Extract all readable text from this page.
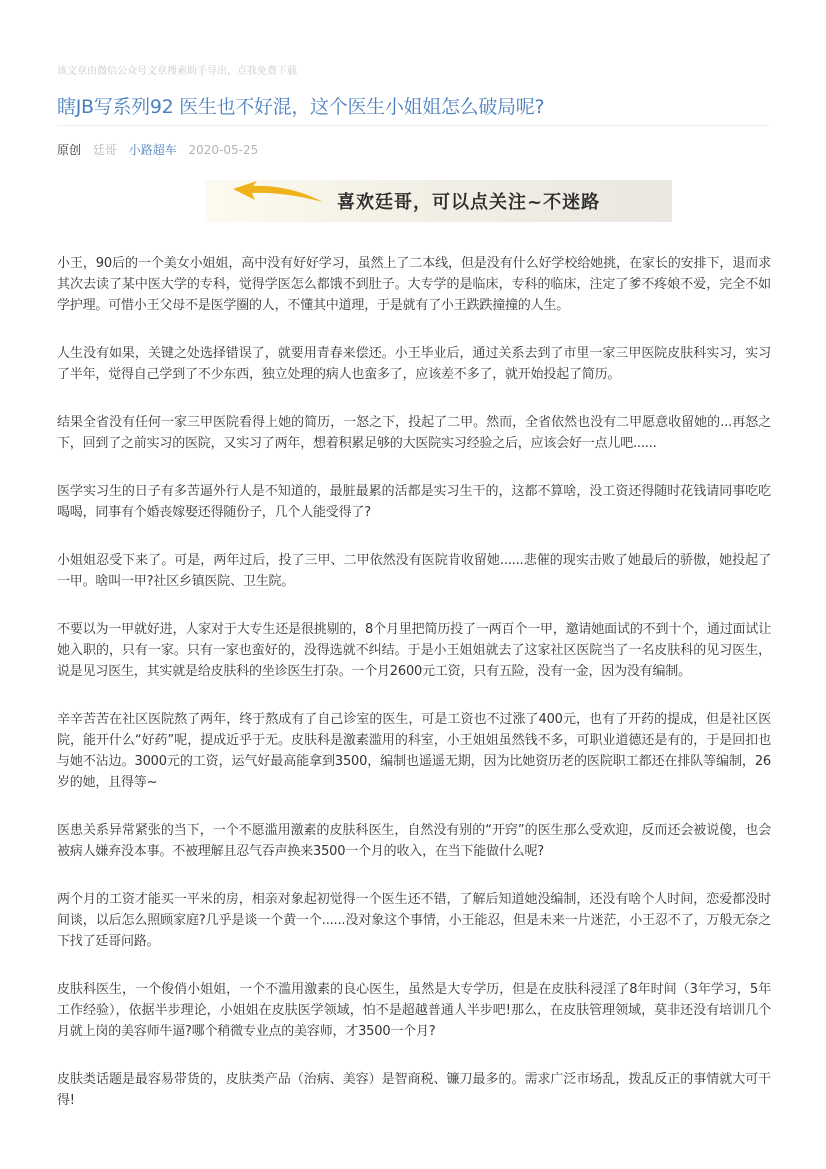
该文章由微信公众号文章搜索助手导出，点我免费下载
瞎JB写系列92 医生也不好混，这个医生小姐姐怎么破局呢?
原创 廷哥 小路超车 2020-05-25
喜欢廷哥，可以点关注~不迷路

小王，90后的一个美女小姐姐，高中没有好好学习，虽然上了二本线，但是没有什么好学校给她挑，在家长的安排下，退而求其次去读了某中医大学的专科，觉得学医怎么都饿不到肚子。大专学的是临床，专科的临床，注定了爹不疼娘不爱，完全不如学护理。可惜小王父母不是医学圈的人，不懂其中道理，于是就有了小王跌跌撞撞的人生。

人生没有如果，关键之处选择错误了，就要用青春来偿还。小王毕业后，通过关系去到了市里一家三甲医院皮肤科实习，实习了半年，觉得自己学到了不少东西，独立处理的病人也蛮多了，应该差不多了，就开始投起了简历。

结果全省没有任何一家三甲医院看得上她的简历，一怒之下，投起了二甲。然而，全省依然也没有二甲愿意收留她的...再怒之下，回到了之前实习的医院，又实习了两年，想着积累足够的大医院实习经验之后，应该会好一点儿吧......

医学实习生的日子有多苦逼外行人是不知道的，最脏最累的活都是实习生干的，这都不算啥，没工资还得随时花钱请同事吃吃喝喝，同事有个婚丧嫁娶还得随份子，几个人能受得了?

小姐姐忍受下来了。可是，两年过后，投了三甲、二甲依然没有医院肯收留她......悲催的现实击败了她最后的骄傲，她投起了一甲。啥叫一甲?社区乡镇医院、卫生院。

不要以为一甲就好进，人家对于大专生还是很挑剔的，8个月里把简历投了一两百个一甲，邀请她面试的不到十个，通过面试让她入职的，只有一家。只有一家也蛮好的，没得选就不纠结。于是小王姐姐就去了这家社区医院当了一名皮肤科的见习医生，说是见习医生，其实就是给皮肤科的坐诊医生打杂。一个月2600元工资，只有五险，没有一金，因为没有编制。

辛辛苦苦在社区医院熬了两年，终于熬成有了自己诊室的医生，可是工资也不过涨了400元，也有了开药的提成，但是社区医院，能开什么“好药”呢，提成近乎于无。皮肤科是激素滥用的科室，小王姐姐虽然钱不多，可职业道德还是有的，于是回扣也与她不沾边。3000元的工资，运气好最高能拿到3500，编制也遥遥无期，因为比她资历老的医院职工都还在排队等编制，26岁的她，且得等~

医患关系异常紧张的当下，一个不愿滥用激素的皮肤科医生，自然没有别的“开窍”的医生那么受欢迎，反而还会被说傻，也会被病人嫌弃没本事。不被理解且忍气吞声换来3500一个月的收入，在当下能做什么呢?

两个月的工资才能买一平米的房，相亲对象起初觉得一个医生还不错，了解后知道她没编制，还没有啥个人时间，恋爱都没时间谈，以后怎么照顾家庭?几乎是谈一个黄一个......没对象这个事情，小王能忍，但是未来一片迷茫，小王忍不了，万般无奈之下找了廷哥问路。

皮肤科医生，一个俊俏小姐姐，一个不滥用激素的良心医生，虽然是大专学历，但是在皮肤科浸淫了8年时间（3年学习，5年工作经验），依据半步理论，小姐姐在皮肤医学领域，怕不是超越普通人半步吧!那么，在皮肤管理领域，莫非还没有培训几个月就上岗的美容师牛逼?哪个稍微专业点的美容师，才3500一个月?

皮肤类话题是最容易带货的，皮肤类产品（治病、美容）是智商税、镰刀最多的。需求广泛市场乱，拨乱反正的事情就大可干得!
